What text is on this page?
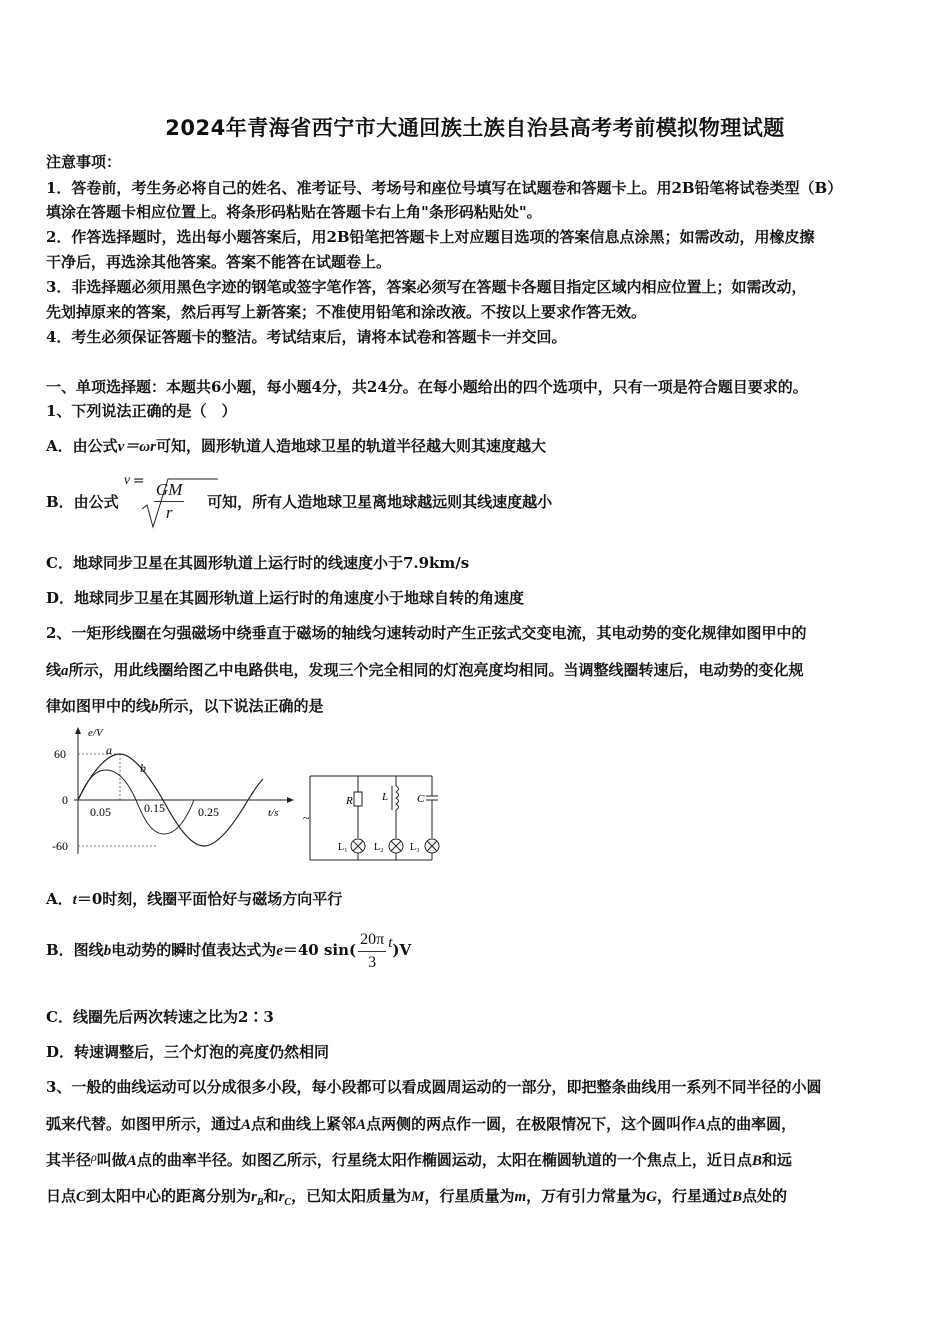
2024年青海省西宁市大通回族土族自治县高考考前模拟物理试题
注意事项：
1．答卷前，考生务必将自己的姓名、准考证号、考场号和座位号填写在试题卷和答题卡上。用2B铅笔将试卷类型（B）
填涂在答题卡相应位置上。将条形码粘贴在答题卡右上角"条形码粘贴处"。
2．作答选择题时，选出每小题答案后，用2B铅笔把答题卡上对应题目选项的答案信息点涂黑；如需改动，用橡皮擦
干净后，再选涂其他答案。答案不能答在试题卷上。
3．非选择题必须用黑色字迹的钢笔或签字笔作答，答案必须写在答题卡各题目指定区域内相应位置上；如需改动，
先划掉原来的答案，然后再写上新答案；不准使用铅笔和涂改液。不按以上要求作答无效。
4．考生必须保证答题卡的整洁。考试结束后，请将本试卷和答题卡一并交回。
一、单项选择题：本题共6小题，每小题4分，共24分。在每小题给出的四个选项中，只有一项是符合题目要求的。
1、下列说法正确的是（　）
A．由公式v＝ωr可知，圆形轨道人造地球卫星的轨道半径越大则其速度越大
B．由公式
$v = \frac{GM}{r}$ 可知，所有人造地球卫星离地球越远则其线速度越小
C．地球同步卫星在其圆形轨道上运行时的线速度小于7.9km/s
D．地球同步卫星在其圆形轨道上运行时的角速度小于地球自转的角速度
2、一矩形线圈在匀强磁场中绕垂直于磁场的轴线匀速转动时产生正弦式交变电流，其电动势的变化规律如图甲中的
线a所示，用此线圈给图乙中电路供电，发现三个完全相同的灯泡亮度均相同。当调整线圈转速后，电动势的变化规
律如图甲中的线b所示，以下说法正确的是
e/V
60
0
-60
0.05	0.15	0.25	t/s
a
b
~
R
L₁
L
L₂
C
L₃
A．t＝0时刻，线圈平面恰好与磁场方向平行
B．图线b电动势的瞬时值表达式为e＝40 $\sin( \frac{20\pi}{3} t)V$
C．线圈先后两次转速之比为2∶3
D．转速调整后，三个灯泡的亮度仍然相同
3、一般的曲线运动可以分成很多小段，每小段都可以看成圆周运动的一部分，即把整条曲线用一系列不同半径的小圆
弧来代替。如图甲所示，通过A点和曲线上紧邻A点两侧的两点作一圆，在极限情况下，这个圆叫作A点的曲率圆，
其半径$^\rho$叫做A点的曲率半径。如图乙所示，行星绕太阳作椭圆运动，太阳在椭圆轨道的一个焦点上，近日点B和远
日点C到太阳中心的距离分别为$r_B$和$r_C$，已知太阳质量为M，行星质量为m，万有引力常量为G，行星通过B点处的
